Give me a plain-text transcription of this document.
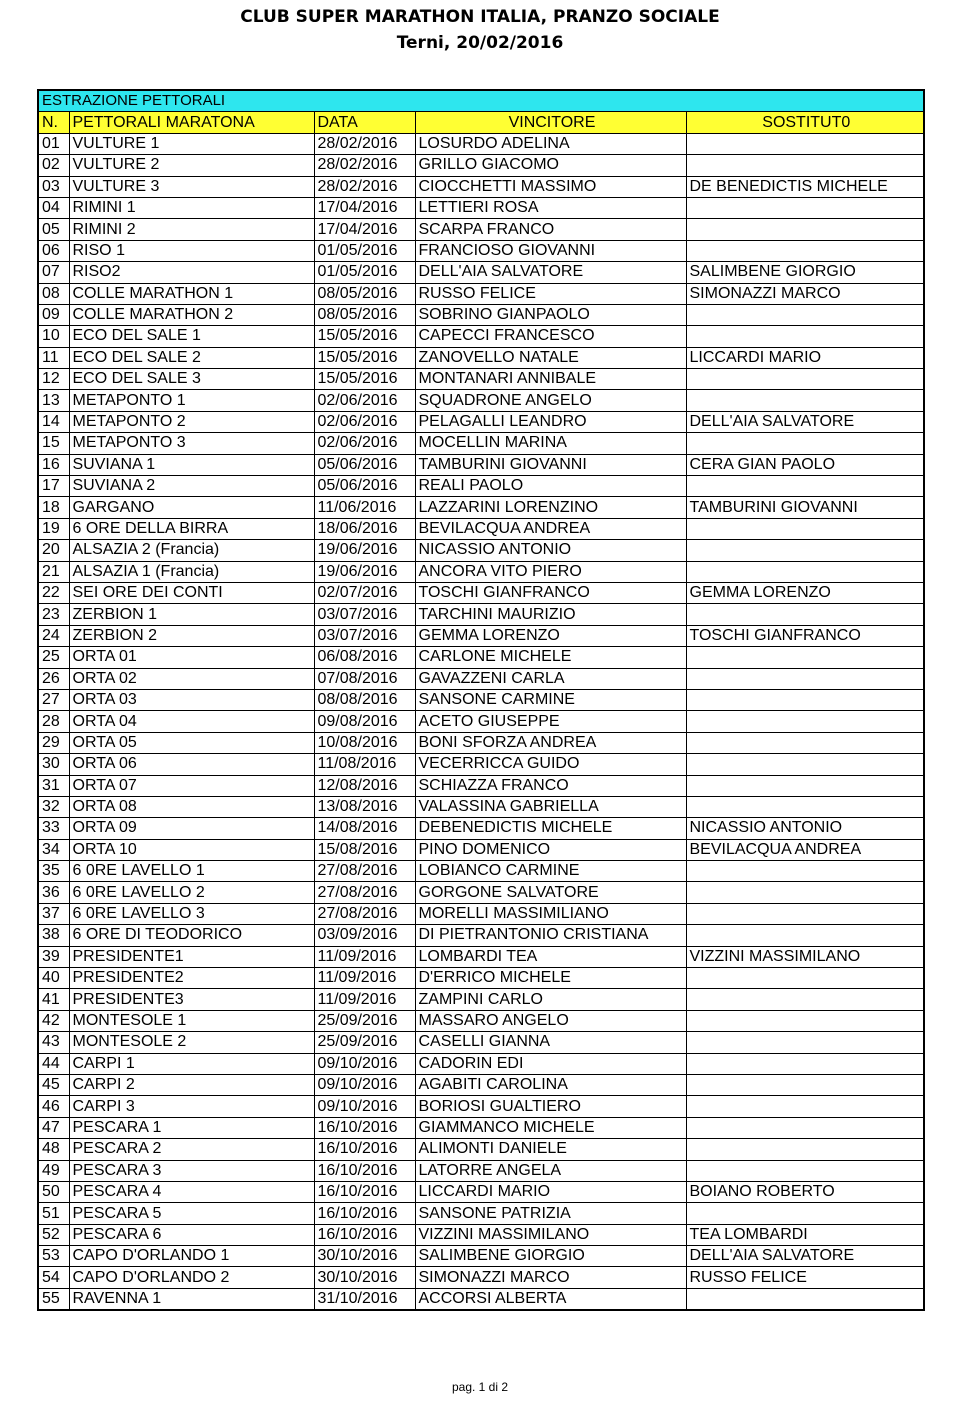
CLUB SUPER MARATHON ITALIA, PRANZO SOCIALE
Terni, 20/02/2016
ESTRAZIONE PETTORALI				
N.	PETTORALI MARATONA	DATA	VINCITORE	SOSTITUT0
01	VULTURE 1	28/02/2016	LOSURDO ADELINA	
02	VULTURE 2	28/02/2016	GRILLO GIACOMO	
03	VULTURE 3	28/02/2016	CIOCCHETTI MASSIMO	DE BENEDICTIS MICHELE
04	RIMINI 1	17/04/2016	LETTIERI ROSA	
05	RIMINI 2	17/04/2016	SCARPA FRANCO	
06	RISO 1	01/05/2016	FRANCIOSO GIOVANNI	
07	RISO2	01/05/2016	DELL'AIA SALVATORE	SALIMBENE GIORGIO
08	COLLE MARATHON 1	08/05/2016	RUSSO FELICE	SIMONAZZI MARCO
09	COLLE MARATHON 2	08/05/2016	SOBRINO GIANPAOLO	
10	ECO DEL SALE 1	15/05/2016	CAPECCI FRANCESCO	
11	ECO DEL SALE 2	15/05/2016	ZANOVELLO NATALE	LICCARDI MARIO
12	ECO DEL SALE 3	15/05/2016	MONTANARI ANNIBALE	
13	METAPONTO 1	02/06/2016	SQUADRONE ANGELO	
14	METAPONTO 2	02/06/2016	PELAGALLI LEANDRO	DELL'AIA SALVATORE
15	METAPONTO 3	02/06/2016	MOCELLIN MARINA	
16	SUVIANA 1	05/06/2016	TAMBURINI GIOVANNI	CERA GIAN PAOLO
17	SUVIANA 2	05/06/2016	REALI PAOLO	
18	GARGANO	11/06/2016	LAZZARINI LORENZINO	TAMBURINI GIOVANNI
19	6 ORE DELLA BIRRA	18/06/2016	BEVILACQUA ANDREA	
20	ALSAZIA 2 (Francia)	19/06/2016	NICASSIO ANTONIO	
21	ALSAZIA 1 (Francia)	19/06/2016	ANCORA VITO PIERO	
22	SEI ORE DEI CONTI	02/07/2016	TOSCHI GIANFRANCO	GEMMA LORENZO
23	ZERBION 1	03/07/2016	TARCHINI MAURIZIO	
24	ZERBION 2	03/07/2016	GEMMA LORENZO	TOSCHI GIANFRANCO
25	ORTA 01	06/08/2016	CARLONE MICHELE	
26	ORTA 02	07/08/2016	GAVAZZENI CARLA	
27	ORTA 03	08/08/2016	SANSONE CARMINE	
28	ORTA 04	09/08/2016	ACETO GIUSEPPE	
29	ORTA 05	10/08/2016	BONI SFORZA ANDREA	
30	ORTA 06	11/08/2016	VECERRICCA GUIDO	
31	ORTA 07	12/08/2016	SCHIAZZA FRANCO	
32	ORTA 08	13/08/2016	VALASSINA GABRIELLA	
33	ORTA 09	14/08/2016	DEBENEDICTIS MICHELE	NICASSIO ANTONIO
34	ORTA 10	15/08/2016	PINO DOMENICO	BEVILACQUA ANDREA
35	6 0RE LAVELLO 1	27/08/2016	LOBIANCO CARMINE	
36	6 0RE LAVELLO 2	27/08/2016	GORGONE SALVATORE	
37	6 0RE LAVELLO 3	27/08/2016	MORELLI MASSIMILIANO	
38	6 ORE DI TEODORICO	03/09/2016	DI PIETRANTONIO CRISTIANA	
39	PRESIDENTE1	11/09/2016	LOMBARDI TEA	VIZZINI MASSIMILANO
40	PRESIDENTE2	11/09/2016	D'ERRICO MICHELE	
41	PRESIDENTE3	11/09/2016	ZAMPINI CARLO	
42	MONTESOLE 1	25/09/2016	MASSARO ANGELO	
43	MONTESOLE 2	25/09/2016	CASELLI GIANNA	
44	CARPI 1	09/10/2016	CADORIN EDI	
45	CARPI 2	09/10/2016	AGABITI CAROLINA	
46	CARPI 3	09/10/2016	BORIOSI GUALTIERO	
47	PESCARA 1	16/10/2016	GIAMMANCO MICHELE	
48	PESCARA 2	16/10/2016	ALIMONTI DANIELE	
49	PESCARA 3	16/10/2016	LATORRE ANGELA	
50	PESCARA 4	16/10/2016	LICCARDI MARIO	BOIANO ROBERTO
51	PESCARA 5	16/10/2016	SANSONE PATRIZIA	
52	PESCARA 6	16/10/2016	VIZZINI MASSIMILANO	TEA LOMBARDI
53	CAPO D'ORLANDO 1	30/10/2016	SALIMBENE GIORGIO	DELL'AIA SALVATORE
54	CAPO D'ORLANDO 2	30/10/2016	SIMONAZZI MARCO	RUSSO FELICE
55	RAVENNA 1	31/10/2016	ACCORSI ALBERTA	
pag. 1 di 2
